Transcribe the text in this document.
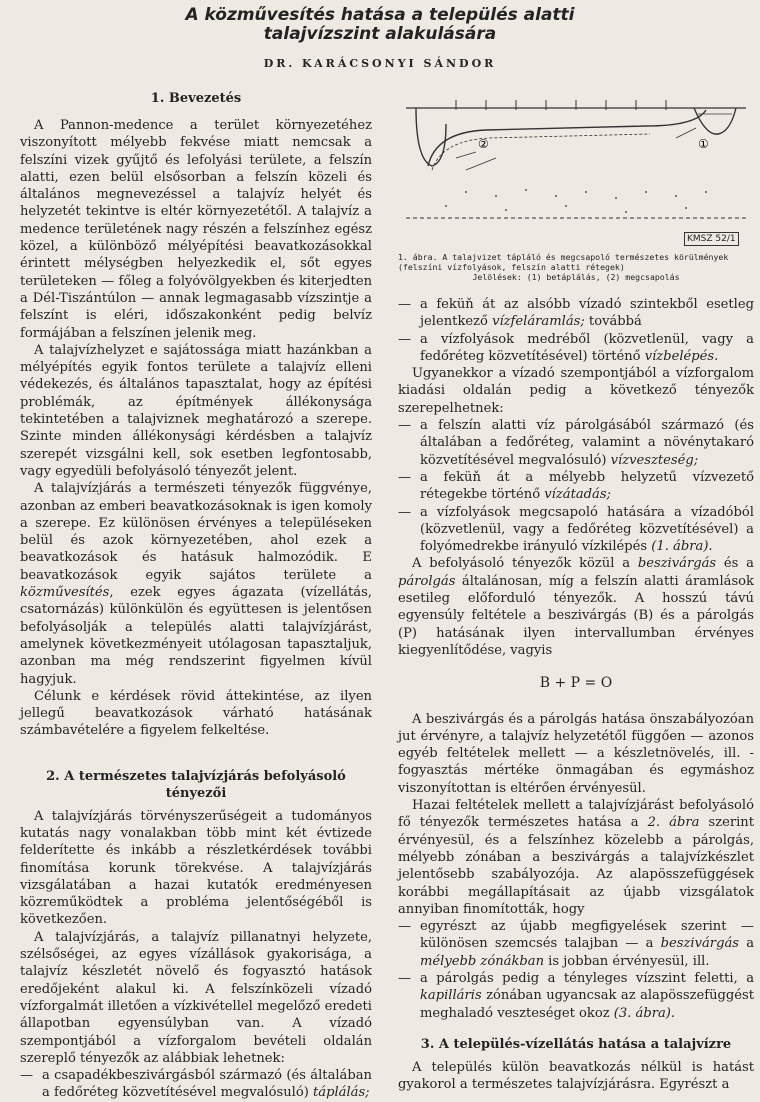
A közművesítés hatása a település alatti
talajvízszint alakulására
DR. KARÁCSONYI SÁNDOR
1. Bevezetés

A Pannon-medence a terület környezetéhez viszonyított mélyebb fekvése miatt nemcsak a felszíni vizek gyűjtő és lefolyási területe, a felszín alatti, ezen belül elsősorban a felszín közeli és általános megnevezéssel a talajvíz helyét és helyzetét tekintve is eltér környezetétől. A talajvíz a medence területének nagy részén a felszínhez egész közel, a különböző mélyépítési beavatkozásokkal érintett mélységben helyezkedik el, sőt egyes területeken — főleg a folyóvölgyekben és kiterjedten a Dél-Tiszántúlon — annak legmagasabb vízszintje a felszínt is eléri, időszakonként pedig belvíz formájában a felszínen jelenik meg.

A talajvízhelyzet e sajátossága miatt hazánkban a mélyépítés egyik fontos területe a talajvíz elleni védekezés, és általános tapasztalat, hogy az építési problémák, az építmények állékonysága tekintetében a talajviznek meghatározó a szerepe. Szinte minden állékonysági kérdésben a talajvíz szerepét vizsgálni kell, sok esetben legfontosabb, vagy egyedüli befolyásoló tényezőt jelent.

A talajvízjárás a természeti tényezők függvénye, azonban az emberi beavatkozásoknak is igen komoly a szerepe. Ez különösen érvényes a településeken belül és azok környezetében, ahol ezek a beavatkozások és hatásuk halmozódik. E beavatkozások egyik sajátos területe a közművesítés, ezek egyes ágazata (vízellátás, csatornázás) különkülön és együttesen is jelentősen befolyásolják a település alatti talajvízjárást, amelynek következményeit utólagosan tapasztaljuk, azonban ma még rendszerint figyelmen kívül hagyjuk.

Célunk e kérdések rövid áttekintése, az ilyen jellegű beavatkozások várható hatásának számbavételére a figyelem felkeltése.

2. A természetes talajvízjárás befolyásoló
tényezői

A talajvízjárás törvényszerűségeit a tudományos kutatás nagy vonalakban több mint két évtizede felderítette és inkább a részletkérdések további finomítása korunk törekvése. A talajvízjárás vizsgálatában a hazai kutatók eredményesen közreműködtek a probléma jelentőségéből is következően.

A talajvízjárás, a talajvíz pillanatnyi helyzete, szélsőségei, az egyes vízállások gyakorisága, a talajvíz készletét növelő és fogyasztó hatások eredőjeként alakul ki. A felszínközeli vízadó vízforgalmát illetően a vízkivétellel megelőző eredeti állapotban egyensúlyban van. A vízadó szempontjából a vízforgalom bevételi oldalán szereplő tényezők az alábbiak lehetnek:

— a csapadékbeszivárgásból származó (és általában a fedőréteg közvetítésével megvalósuló) táplálás;
②	①
KMSZ 52/1
1. ábra. A talajvizet tápláló és megcsapoló természetes körülmények (felszíni vízfolyások, felszín alatti rétegek)
Jelölések: (1) betáplálás, (2) megcsapolás
— a feküň át az alsóbb vízadó szintekből esetleg jelentkező vízfeláramlás; továbbá
— a vízfolyások medréből (közvetlenül, vagy a fedőréteg közvetítésével) történő vízbelépés.

Ugyanekkor a vízadó szempontjából a vízforgalom kiadási oldalán pedig a következő tényezők szerepelhetnek:

— a felszín alatti víz párolgásából származó (és általában a fedőréteg, valamint a növénytakaró közvetítésével megvalósuló) vízveszteség;
— a feküň át a mélyebb helyzetű vízvezető rétegekbe történő vízátadás;
— a vízfolyások megcsapoló hatására a vízadóból (közvetlenül, vagy a fedőréteg közvetítésével) a folyómedrekbe irányuló vízkilépés (1. ábra).

A befolyásoló tényezők közül a beszivárgás és a párolgás általánosan, míg a felszín alatti áramlások esetileg előforduló tényezők. A hosszú távú egyensúly feltétele a beszivárgás (B) és a párolgás (P) hatásának ilyen intervallumban érvényes kiegyenlítődése, vagyis

B + P = O

A beszivárgás és a párolgás hatása önszabályozóan jut érvényre, a talajvíz helyzetétől függően — azonos egyéb feltételek mellett — a készletnövelés, ill. -fogyasztás mértéke önmagában és egymáshoz viszonyítottan is eltérően érvényesül.

Hazai feltételek mellett a talajvízjárást befolyásoló fő tényezők természetes hatása a 2. ábra szerint érvényesül, és a felszínhez közelebb a párolgás, mélyebb zónában a beszivárgás a talajvízkészlet jelentősebb szabályozója. Az alapösszefüggések korábbi megállapításait az újabb vizsgálatok annyiban finomították, hogy

— egyrészt az újabb megfigyelések szerint — különösen szemcsés talajban — a beszivárgás a mélyebb zónákban is jobban érvényesül, ill.
— a párolgás pedig a tényleges vízszint feletti, a kapilláris zónában ugyancsak az alapösszefüggést meghaladó veszteséget okoz (3. ábra).
3. A település-vízellátás hatása a talajvízre

A település külön beavatkozás nélkül is hatást gyakorol a természetes talajvízjárásra. Egyrészt a
